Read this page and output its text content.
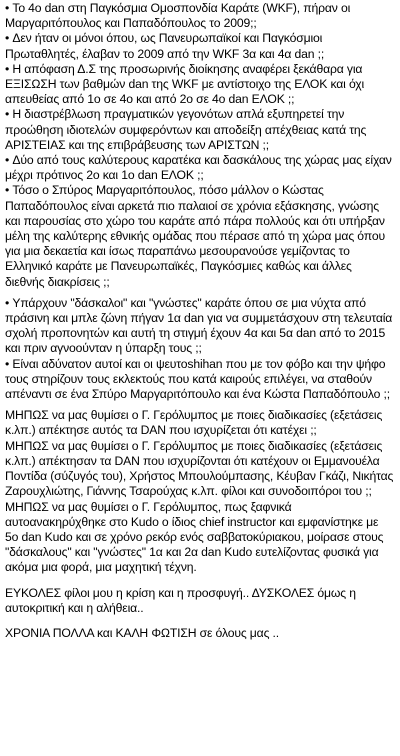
• Το 4ο dan στη Παγκόσμια Ομοσπονδία Καράτε (WKF), πήραν οι Μαργαριτόπουλος και Παπαδόπουλος το 2009;;

• Δεν ήταν οι μόνοι όπου, ως Πανευρωπαϊκοί και Παγκόσμιοι Πρωταθλητές, έλαβαν το 2009 από την WKF 3α και 4α dan ;;

• Η απόφαση Δ.Σ της προσωρινής διοίκησης αναφέρει ξεκάθαρα για ΕΞΙΣΩΣΗ των βαθμών dan της WKF με αντίστοιχο της ΕΛΟΚ και όχι απευθείας από 1ο σε 4ο και από 2ο σε 4ο dan ΕΛΟΚ ;;

• Η διαστρέβλωση πραγματικών γεγονότων απλά εξυπηρετεί την προώθηση ιδιοτελών συμφερόντων και αποδείξη απέχθειας κατά της ΑΡΙΣΤΕΙΑΣ και της επιβράβευσης των ΑΡΙΣΤΩΝ ;;

• Δύο από τους καλύτερους καρατέκα και δασκάλους της χώρας μας είχαν μέχρι πρότινος 2ο και 1ο dan ΕΛΟΚ ;;

• Τόσο ο Σπύρος Μαργαριτόπουλος, πόσο μάλλον ο Κώστας Παπαδόπουλος είναι αρκετά πιο παλαιοί σε χρόνια εξάσκησης, γνώσης και παρουσίας στο χώρο του καράτε από πάρα πολλούς και ότι υπήρξαν μέλη της καλύτερης εθνικής ομάδας που πέρασε από τη χώρα μας όπου για μια δεκαετία και ίσως παραπάνω μεσουρανούσε γεμίζοντας το Ελληνικό καράτε με Πανευρωπαϊκές, Παγκόσμιες καθώς και άλλες διεθνής διακρίσεις ;;

• Υπάρχουν "δάσκαλοι" και "γνώστες" καράτε όπου σε μια νύχτα από πράσινη και μπλε ζώνη πήγαν 1α dan για να συμμετάσχουν στη τελευταία σχολή προπονητών και αυτή τη στιγμή έχουν 4α και 5α dan από το 2015 και πριν αγνοούνταν η ύπαρξη τους ;;

• Είναι αδύνατον αυτοί και οι ψευτοshihan που με τον φόβο και την ψήφο τους στηρίζουν τους εκλεκτούς που κατά καιρούς επιλέγει, να σταθούν απέναντι σε ένα Σπύρο Μαργαριτόπουλο και ένα Κώστα Παπαδόπουλο ;;

ΜΗΠΩΣ να μας θυμίσει ο Γ. Γερόλυμπος με ποιες διαδικασίες (εξετάσεις κ.λπ.) απέκτησε αυτός τα DAN που ισχυρίζεται ότι κατέχει ;;

ΜΗΠΩΣ να μας θυμίσει ο Γ. Γερόλυμπος με ποιες διαδικασίες (εξετάσεις κ.λπ.) απέκτησαν τα DAN που ισχυρίζονται ότι κατέχουν οι Εμμανουέλα Ποντίδα (σύζυγός του), Χρήστος Μπουλούμπασης, Κέυβαν Γκάζι, Νικήτας Ζαρουχλιώτης, Γιάννης Τσαρούχας κ.λπ. φίλοι και συνοδοιπόροι του ;;

ΜΗΠΩΣ να μας θυμίσει ο Γ. Γερόλυμπος, πως ξαφνικά αυτοανακηρύχθηκε στο Kudo ο ίδιος chief instructor και εμφανίστηκε με 5ο dan Kudo και σε χρόνο ρεκόρ ενός σαββατοκύριακου, μοίρασε στους "δάσκαλους" και "γνώστες" 1α και 2α dan Kudo ευτελίζοντας φυσικά για ακόμα μια φορά, μια μαχητική τέχνη.

ΕΥΚΟΛΕΣ φίλοι μου η κρίση και η προσφυγή.. ΔΥΣΚΟΛΕΣ όμως η αυτοκριτική και η αλήθεια..

ΧΡΟΝΙΑ ΠΟΛΛΑ και ΚΑΛΗ ΦΩΤΙΣΗ σε όλους μας ..
